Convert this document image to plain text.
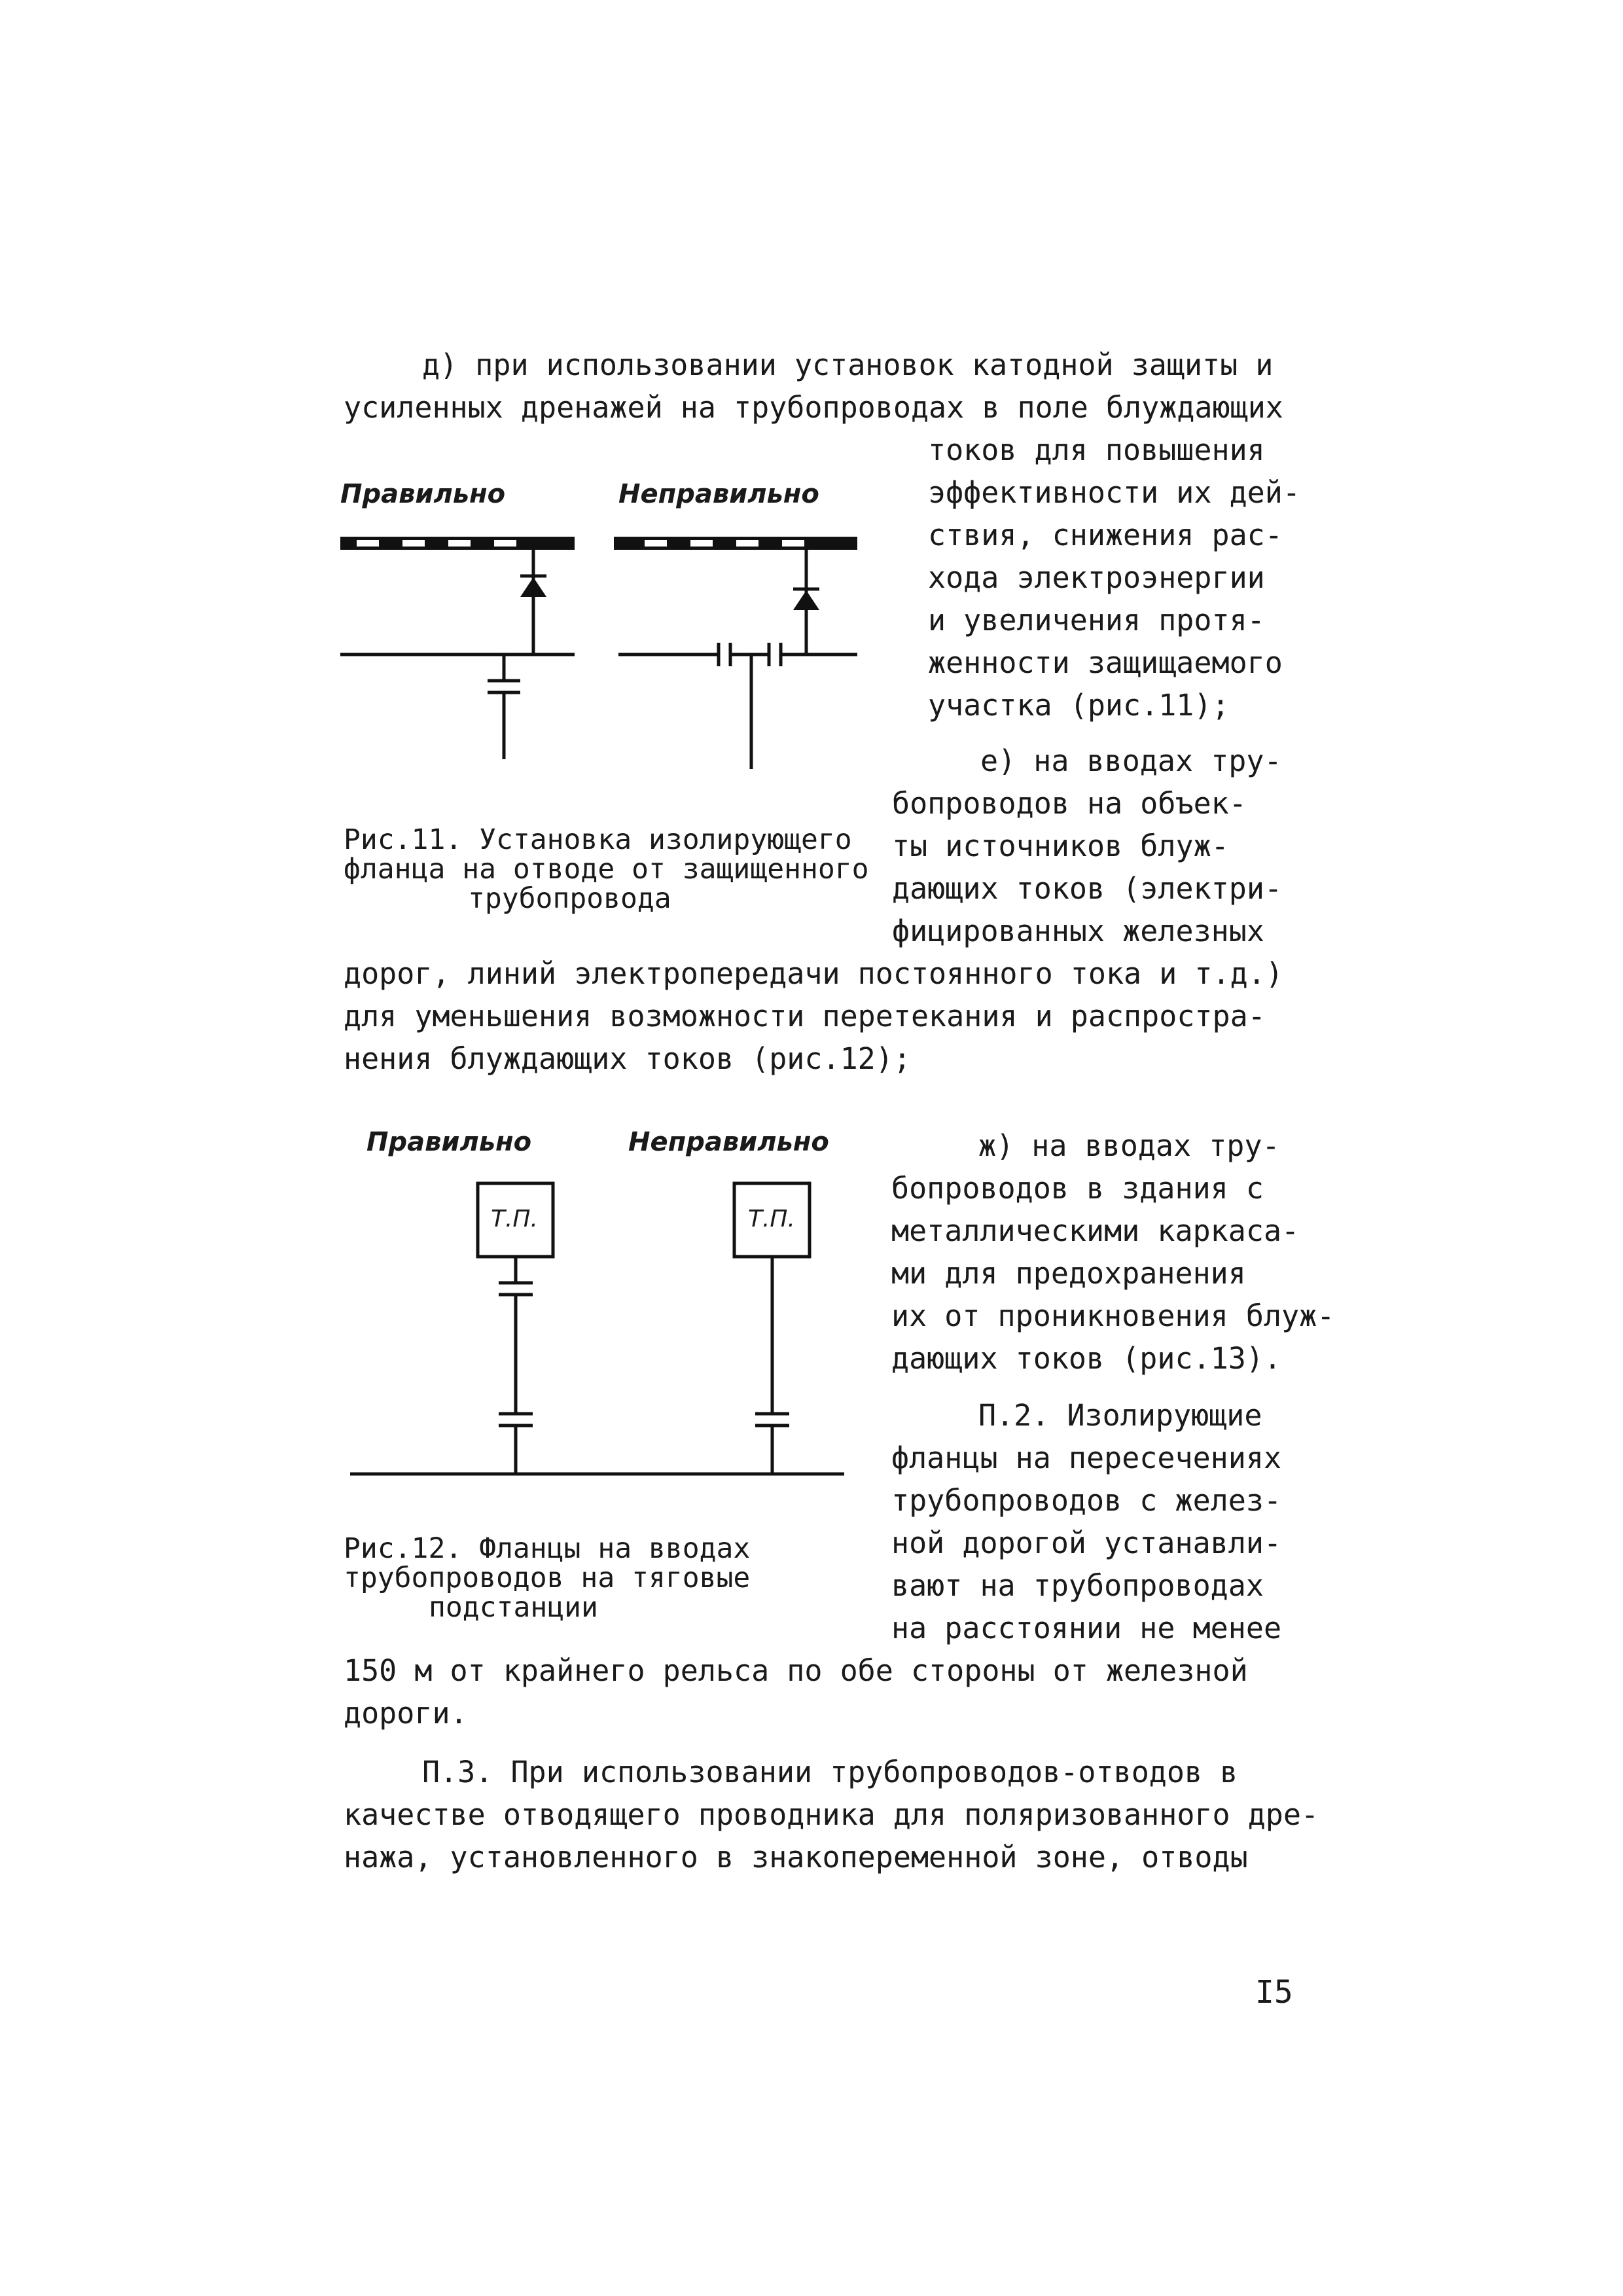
д) при использовании установок катодной защиты и
усиленных дренажей на трубопроводах в поле блуждающих
токов для повышения
эффективности их дей-
ствия, снижения рас-
хода электроэнергии
и увеличения протя-
женности защищаемого
участка (рис.11);
е) на вводах тру-
бопроводов на объек-
ты источников блуж-
дающих токов (электри-
фицированных железных
дорог, линий электропередачи постоянного тока и т.д.)
для уменьшения возможности перетекания и распростра-
нения блуждающих токов (рис.12);
Правильно	Неправильно
Рис.11. Установка изолирующего
фланца на отводе от защищенного
трубопровода
Правильно	Неправильно
Т.П.	Т.П.
Рис.12. Фланцы на вводах
трубопроводов на тяговые
подстанции
ж) на вводах тру-
бопроводов в здания с
металлическими каркаса-
ми для предохранения
их от проникновения блуж-
дающих токов (рис.13).
П.2. Изолирующие
фланцы на пересечениях
трубопроводов с желез-
ной дорогой устанавли-
вают на трубопроводах
на расстоянии не менее
150 м от крайнего рельса по обе стороны от железной
дороги.
П.3. При использовании трубопроводов-отводов в
качестве отводящего проводника для поляризованного дре-
нажа, установленного в знакопеременной зоне, отводы
I5
